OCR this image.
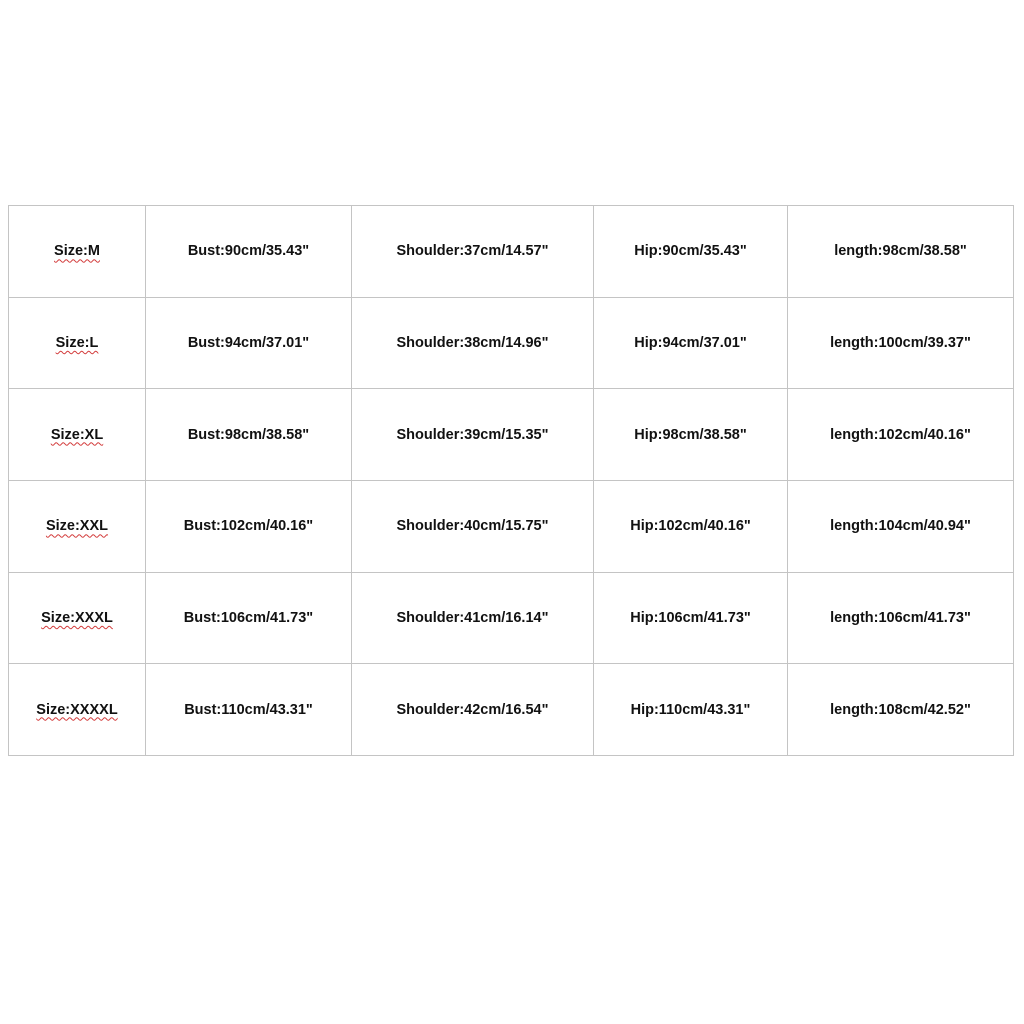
Size:M	Bust:90cm/35.43"	Shoulder:37cm/14.57"	Hip:90cm/35.43"	length:98cm/38.58"
Size:L	Bust:94cm/37.01"	Shoulder:38cm/14.96"	Hip:94cm/37.01"	length:100cm/39.37"
Size:XL	Bust:98cm/38.58"	Shoulder:39cm/15.35"	Hip:98cm/38.58"	length:102cm/40.16"
Size:XXL	Bust:102cm/40.16"	Shoulder:40cm/15.75"	Hip:102cm/40.16"	length:104cm/40.94"
Size:XXXL	Bust:106cm/41.73"	Shoulder:41cm/16.14"	Hip:106cm/41.73"	length:106cm/41.73"
Size:XXXXL	Bust:110cm/43.31"	Shoulder:42cm/16.54"	Hip:110cm/43.31"	length:108cm/42.52"
